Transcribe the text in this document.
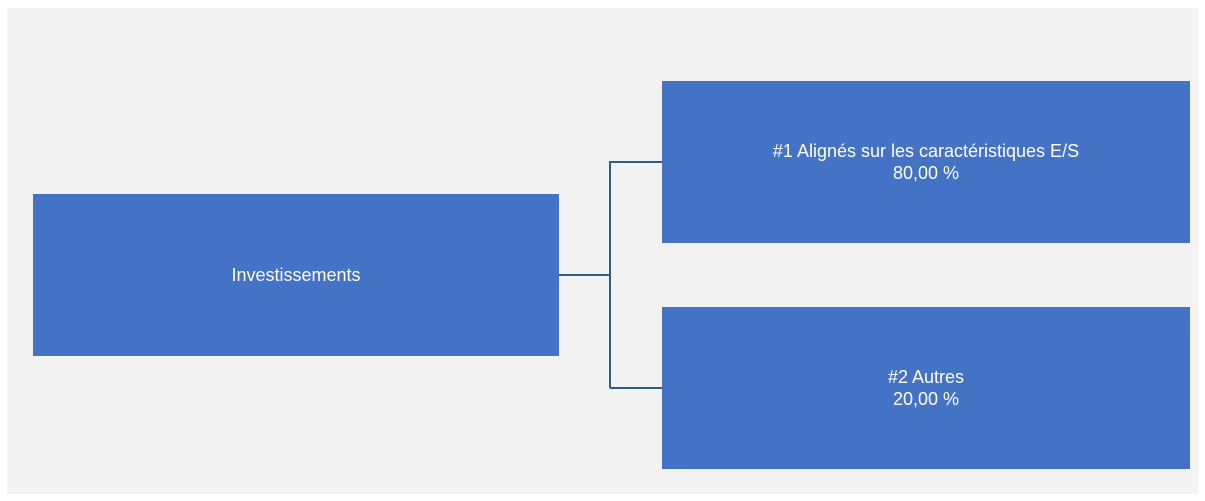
Investissements
#1 Alignés sur les caractéristiques E/S
80,00 %
#2 Autres
20,00 %
